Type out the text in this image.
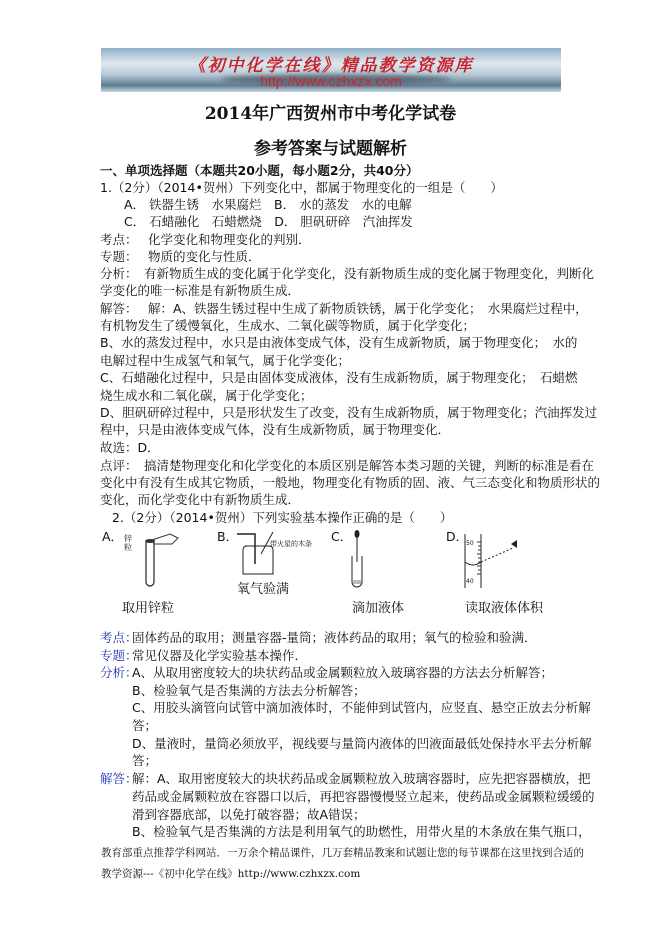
《初中化学在线》精品教学资源库
http://www.czhxzx.com
2014年广西贺州市中考化学试卷
参考答案与试题解析
一、单项选择题（本题共20小题，每小题2分，共40分）
1.（2分）（2014•贺州）下列变化中，都属于物理变化的一组是（　　）
A． 铁器生锈　水果腐烂　B． 水的蒸发　水的电解
C． 石蜡融化　石蜡燃烧　D． 胆矾研碎　汽油挥发
考点： 化学变化和物理变化的判别．
专题： 物质的变化与性质．
分析： 有新物质生成的变化属于化学变化，没有新物质生成的变化属于物理变化，判断化
学变化的唯一标准是有新物质生成．
解答： 解：A、铁器生锈过程中生成了新物质铁锈，属于化学变化；　水果腐烂过程中，
有机物发生了缓慢氧化，生成水、二氧化碳等物质，属于化学变化；
B、水的蒸发过程中，水只是由液体变成气体，没有生成新物质，属于物理变化；　水的
电解过程中生成氢气和氧气，属于化学变化；
C、石蜡融化过程中，只是由固体变成液体，没有生成新物质，属于物理变化；　石蜡燃
烧生成水和二氧化碳，属于化学变化；
D、胆矾研碎过程中，只是形状发生了改变，没有生成新物质，属于物理变化；汽油挥发过
程中，只是由液体变成气体，没有生成新物质，属于物理变化．
故选：D．
点评： 搞清楚物理变化和化学变化的本质区别是解答本类习题的关键，判断的标准是看在
变化中有没有生成其它物质，一般地，物理变化有物质的固、液、气三态变化和物质形状的
变化，而化学变化中有新物质生成．
2.（2分）（2014•贺州）下列实验基本操作正确的是（　　）
A． 锌粒
取用锌粒
B．	带火星的木条
氧气验满
C．
滴加液体
D．
50
40
读取液体体积
考点：
固体药品的取用；测量容器-量筒；液体药品的取用；氧气的检验和验满．
专题：
常见仪器及化学实验基本操作．
分析：
A、从取用密度较大的块状药品或金属颗粒放入玻璃容器的方法去分析解答；
B、检验氧气是否集满的方法去分析解答；
C、用胶头滴管向试管中滴加液体时，不能伸到试管内，应竖直、悬空正放去分析解
答；
D、量液时，量筒必须放平，视线要与量筒内液体的凹液面最低处保持水平去分析解
答；
解答：
解：A、取用密度较大的块状药品或金属颗粒放入玻璃容器时，应先把容器横放，把
药品或金属颗粒放在容器口以后，再把容器慢慢竖立起来，使药品或金属颗粒缓缓的
滑到容器底部，以免打破容器；故A错误；
B、检验氧气是否集满的方法是利用氧气的助燃性，用带火星的木条放在集气瓶口，
教育部重点推荐学科网站．一万余个精品课件，几万套精品教案和试题让您的每节课都在这里找到合适的
教学资源---《初中化学在线》http://www.czhxzx.com
